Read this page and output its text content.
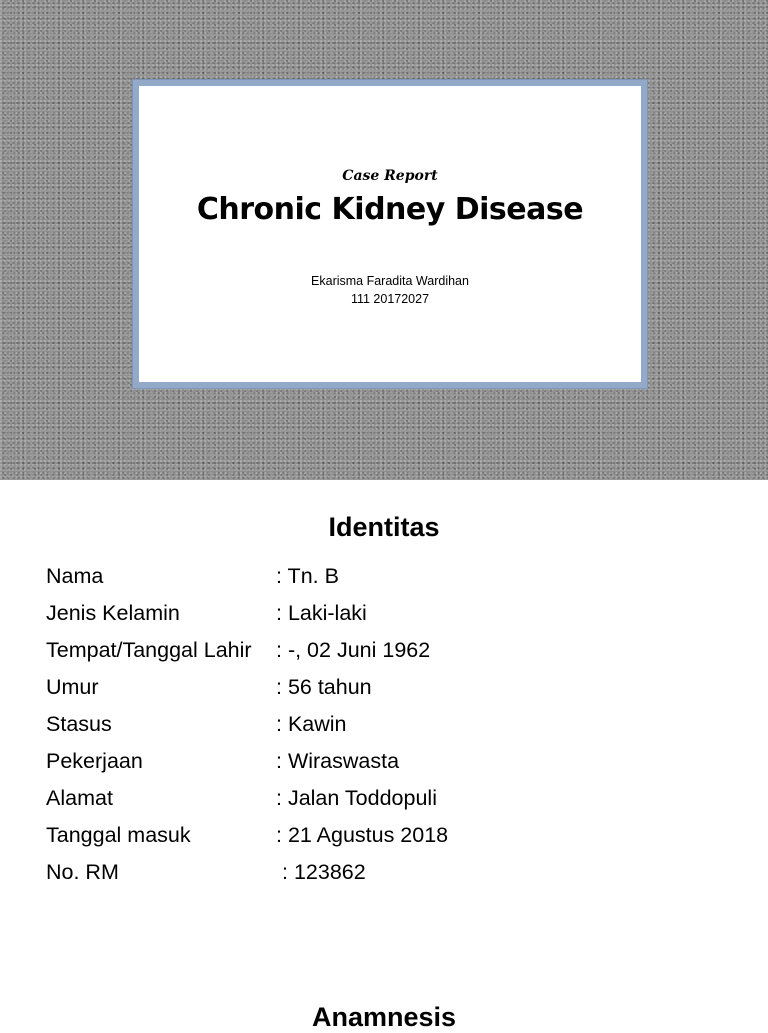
Case Report
Chronic Kidney Disease
Ekarisma Faradita Wardihan
111 20172027
Identitas
Nama	: Tn. B
Jenis Kelamin	: Laki-laki
Tempat/Tanggal Lahir : -, 02 Juni 1962
Umur	: 56 tahun
Stasus	: Kawin
Pekerjaan	: Wiraswasta
Alamat	: Jalan Toddopuli
Tanggal masuk	: 21 Agustus 2018
No. RM	: 123862
Anamnesis
